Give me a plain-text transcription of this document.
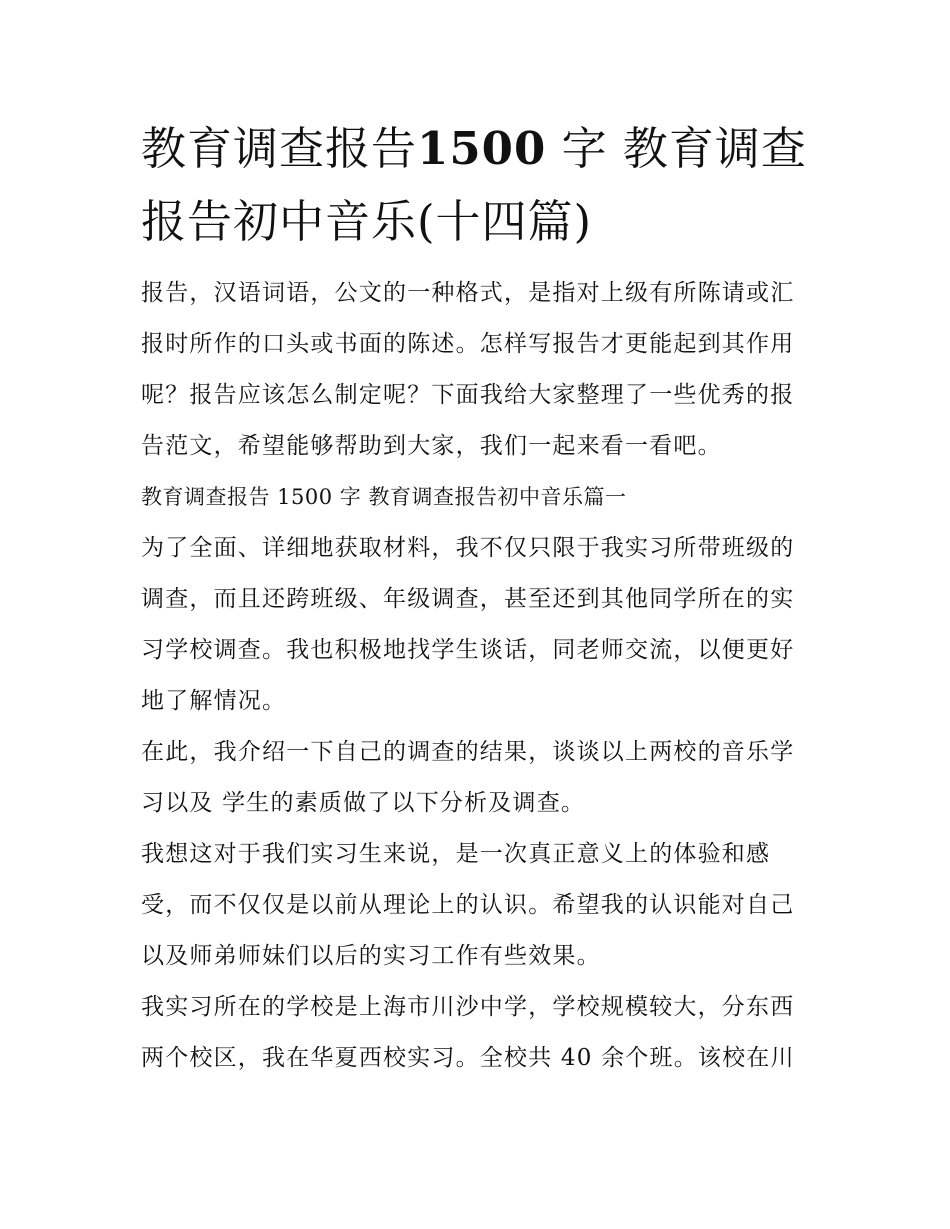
教育调查报告1500 字 教育调查报告初中音乐(十四篇)

报告，汉语词语，公文的一种格式，是指对上级有所陈请或汇报时所作的口头或书面的陈述。怎样写报告才更能起到其作用呢？报告应该怎么制定呢？下面我给大家整理了一些优秀的报告范文，希望能够帮助到大家，我们一起来看一看吧。

教育调查报告 1500 字 教育调查报告初中音乐篇一

为了全面、详细地获取材料，我不仅只限于我实习所带班级的调查，而且还跨班级、年级调查，甚至还到其他同学所在的实习学校调查。我也积极地找学生谈话，同老师交流，以便更好地了解情况。

在此，我介绍一下自己的调查的结果，谈谈以上两校的音乐学习以及 学生的素质做了以下分析及调查。

我想这对于我们实习生来说，是一次真正意义上的体验和感受，而不仅仅是以前从理论上的认识。希望我的认识能对自己以及师弟师妹们以后的实习工作有些效果。

我实习所在的学校是上海市川沙中学，学校规模较大，分东西两个校区，我在华夏西校实习。全校共 40 余个班。该校在川
